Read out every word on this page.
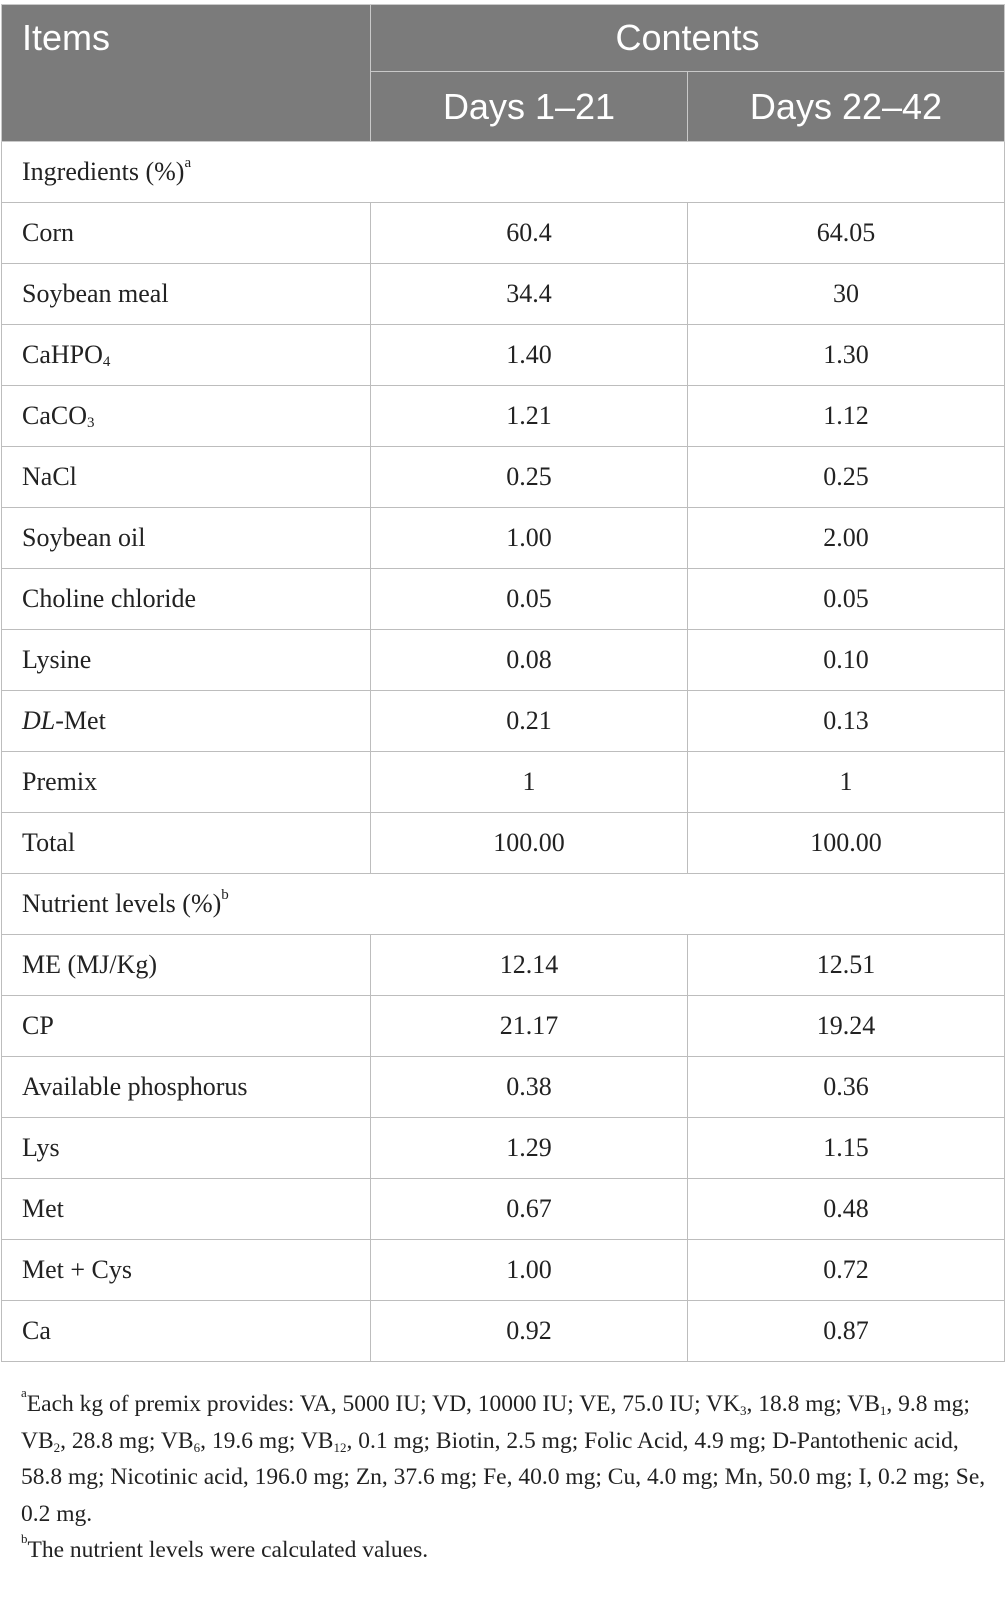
Items	Contents	
	Days 1–21	Days 22–42
Ingredients (%)$^a$
Corn	60.4	64.05
Soybean meal	34.4	30
CaHPO$_4$	1.40	1.30
CaCO$_3$	1.21	1.12
NaCl	0.25	0.25
Soybean oil	1.00	2.00
Choline chloride	0.05	0.05
Lysine	0.08	0.10
DL-Met	0.21	0.13
Premix	1	1
Total	100.00	100.00
Nutrient levels (%)$^b$
ME (MJ/Kg)	12.14	12.51
CP	21.17	19.24
Available phosphorus	0.38	0.36
Lys	1.29	1.15
Met	0.67	0.48
Met + Cys	1.00	0.72
Ca	0.92	0.87

$^a$Each kg of premix provides: VA, 5000 IU; VD, 10000 IU; VE, 75.0 IU; $VK_3$, 18.8 mg; $VB_1$, 9.8 mg; $VB_2$, 28.8 mg; $VB_6$, 19.6 mg; $VB_{12}$, 0.1 mg; Biotin, 2.5 mg; Folic Acid, 4.9 mg; D-Pantothenic acid, 58.8 mg; Nicotinic acid, 196.0 mg; Zn, 37.6 mg; Fe, 40.0 mg; Cu, 4.0 mg; Mn, 50.0 mg; I, 0.2 mg; Se, 0.2 mg.

$^b$The nutrient levels were calculated values.
